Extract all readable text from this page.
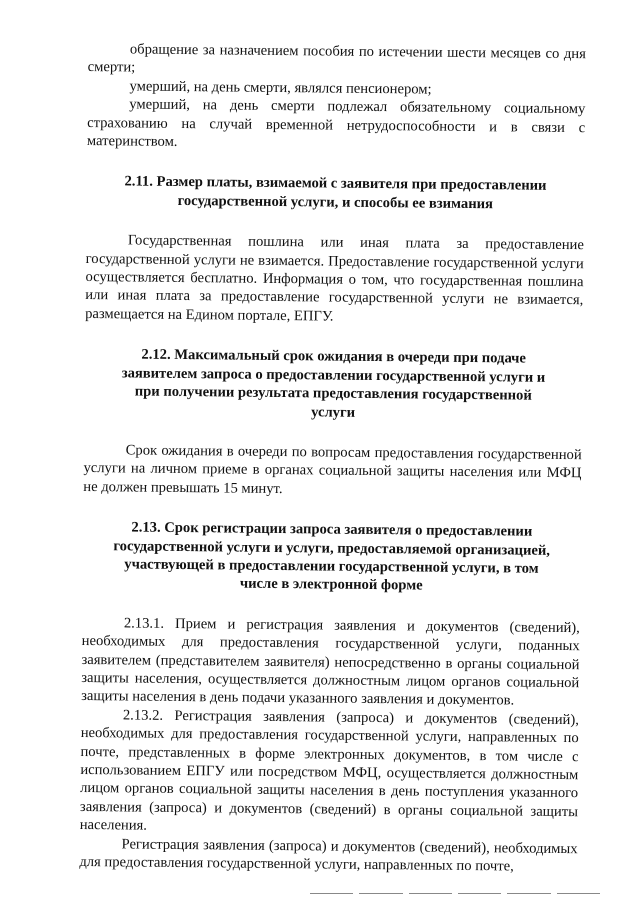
обращение за назначением пособия по истечении шести месяцев со дня смерти;

умерший, на день смерти, являлся пенсионером;

умерший, на день смерти подлежал обязательному социальному страхованию на случай временной нетрудоспособности и в связи с материнством.

2.11. Размер платы, взимаемой с заявителя при предоставлении государственной услуги, и способы ее взимания

Государственная пошлина или иная плата за предоставление государственной услуги не взимается. Предоставление государственной услуги осуществляется бесплатно. Информация о том, что государственная пошлина или иная плата за предоставление государственной услуги не взимается, размещается на Едином портале, ЕПГУ.

2.12. Максимальный срок ожидания в очереди при подаче заявителем запроса о предоставлении государственной услуги и при получении результата предоставления государственной услуги

Срок ожидания в очереди по вопросам предоставления государственной услуги на личном приеме в органах социальной защиты населения или МФЦ не должен превышать 15 минут.

2.13. Срок регистрации запроса заявителя о предоставлении государственной услуги и услуги, предоставляемой организацией, участвующей в предоставлении государственной услуги, в том числе в электронной форме

2.13.1. Прием и регистрация заявления и документов (сведений), необходимых для предоставления государственной услуги, поданных заявителем (представителем заявителя) непосредственно в органы социальной защиты населения, осуществляется должностным лицом органов социальной защиты населения в день подачи указанного заявления и документов.

2.13.2. Регистрация заявления (запроса) и документов (сведений), необходимых для предоставления государственной услуги, направленных по почте, представленных в форме электронных документов, в том числе с использованием ЕПГУ или посредством МФЦ, осуществляется должностным лицом органов социальной защиты населения в день поступления указанного заявления (запроса) и документов (сведений) в органы социальной защиты населения.

Регистрация заявления (запроса) и документов (сведений), необходимых для предоставления государственной услуги, направленных по почте,
